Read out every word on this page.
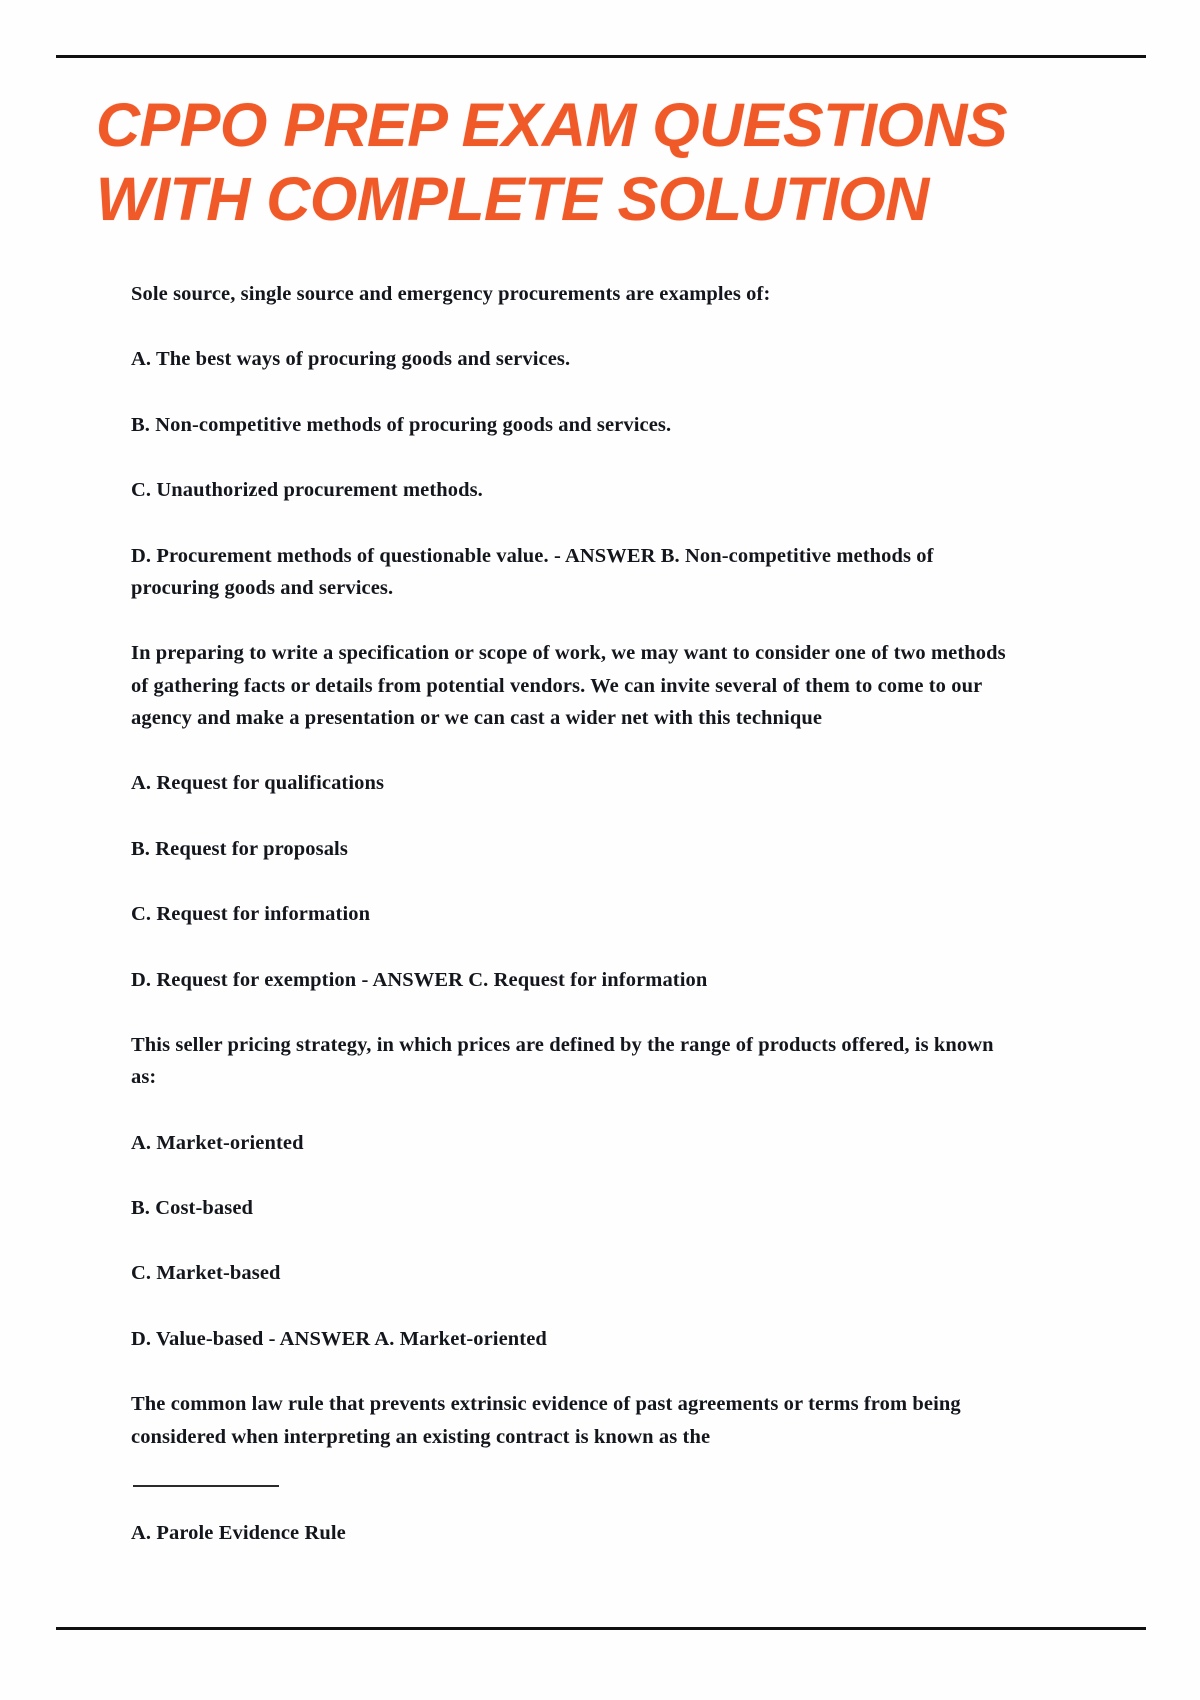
CPPO PREP EXAM QUESTIONS WITH COMPLETE SOLUTION

Sole source, single source and emergency procurements are examples of:

A. The best ways of procuring goods and services.

B. Non-competitive methods of procuring goods and services.

C. Unauthorized procurement methods.

D. Procurement methods of questionable value. - ANSWER B. Non-competitive methods of procuring goods and services.

In preparing to write a specification or scope of work, we may want to consider one of two methods of gathering facts or details from potential vendors. We can invite several of them to come to our agency and make a presentation or we can cast a wider net with this technique

A. Request for qualifications

B. Request for proposals

C. Request for information

D. Request for exemption - ANSWER C. Request for information

This seller pricing strategy, in which prices are defined by the range of products offered, is known as:

A. Market-oriented

B. Cost-based

C. Market-based

D. Value-based - ANSWER A. Market-oriented

The common law rule that prevents extrinsic evidence of past agreements or terms from being considered when interpreting an existing contract is known as the

A. Parole Evidence Rule
